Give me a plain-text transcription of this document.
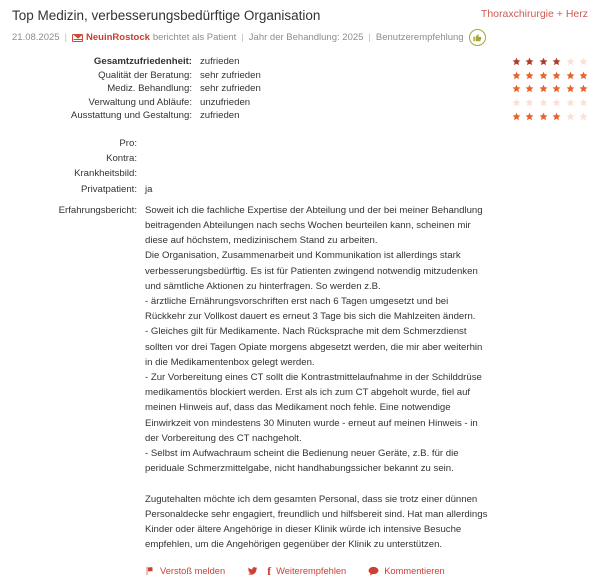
Top Medizin, verbesserungsbedürftige Organisation	Thoraxchirurgie + Herz
21.08.2025 | NeuinRostock berichtet als Patient | Jahr der Behandlung: 2025 | Benutzerempfehlung
Gesamtzufriedenheit: zufrieden
Qualität der Beratung: sehr zufrieden
Mediz. Behandlung: sehr zufrieden
Verwaltung und Abläufe: unzufrieden
Ausstattung und Gestaltung: zufrieden
Pro:
Kontra:
Krankheitsbild:
Privatpatient: ja
Erfahrungsbericht: Soweit ich die fachliche Expertise der Abteilung und der bei meiner Behandlung beitragenden Abteilungen nach sechs Wochen beurteilen kann, scheinen mir diese auf höchstem, medizinischem Stand zu arbeiten.

Die Organisation, Zusammenarbeit und Kommunikation ist allerdings stark verbesserungsbedürftig. Es ist für Patienten zwingend notwendig mitzudenken und sämtliche Aktionen zu hinterfragen. So werden z.B.

- ärztliche Ernährungsvorschriften erst nach 6 Tagen umgesetzt und bei Rückkehr zur Vollkost dauert es erneut 3 Tage bis sich die Mahlzeiten ändern.

- Gleiches gilt für Medikamente. Nach Rücksprache mit dem Schmerzdienst sollten vor drei Tagen Opiate morgens abgesetzt werden, die mir aber weiterhin in die Medikamentenbox gelegt werden.

- Zur Vorbereitung eines CT sollt die Kontrastmittelaufnahme in der Schilddrüse medikamentös blockiert werden. Erst als ich zum CT abgeholt wurde, fiel auf meinen Hinweis auf, dass das Medikament noch fehle. Eine notwendige Einwirkzeit von mindestens 30 Minuten wurde - erneut auf meinen Hinweis - in der Vorbereitung des CT nachgeholt.

- Selbst im Aufwachraum scheint die Bedienung neuer Geräte, z.B. für die periduale Schmerzmittelgabe, nicht handhabungssicher bekannt zu sein.

Zugutehalten möchte ich dem gesamten Personal, dass sie trotz einer dünnen Personaldecke sehr engagiert, freundlich und hilfsbereit sind. Hat man allerdings Kinder oder ältere Angehörige in dieser Klinik würde ich intensive Besuche empfehlen, um die Angehörigen gegenüber der Klinik zu unterstützen.

Verstoß melden	f Weiterempfehlen	Kommentieren
